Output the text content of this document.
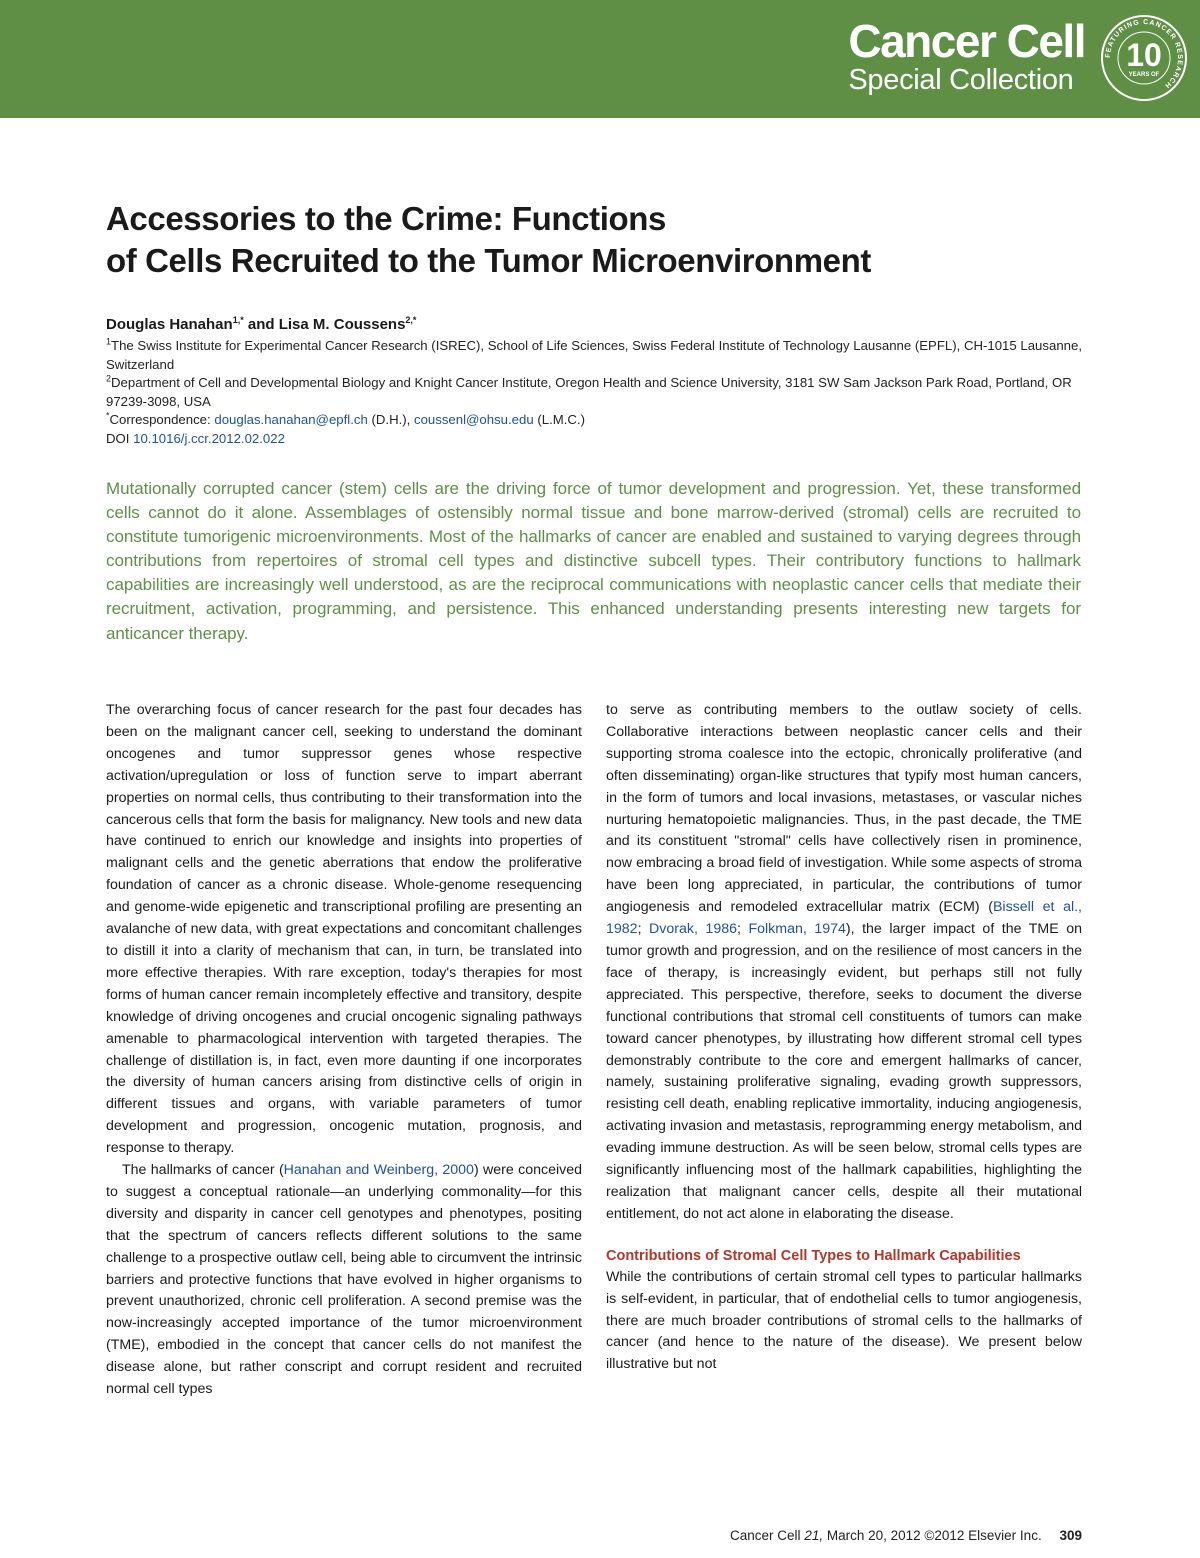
Cancer Cell
Special Collection
FEATURING CANCER RESEARCH
10
YEARS OF
Accessories to the Crime: Functions
of Cells Recruited to the Tumor Microenvironment
Douglas Hanahan$^{1,*}$ and Lisa M. Coussens$^{2,*}$

$^1$The Swiss Institute for Experimental Cancer Research (ISREC), School of Life Sciences, Swiss Federal Institute of Technology Lausanne (EPFL), CH-1015 Lausanne, Switzerland

$^2$Department of Cell and Developmental Biology and Knight Cancer Institute, Oregon Health and Science University, 3181 SW Sam Jackson Park Road, Portland, OR 97239-3098, USA

*Correspondence: douglas.hanahan@epfl.ch (D.H.), coussenl@ohsu.edu (L.M.C.)

DOI 10.1016/j.ccr.2012.02.022

Mutationally corrupted cancer (stem) cells are the driving force of tumor development and progression. Yet, these transformed cells cannot do it alone. Assemblages of ostensibly normal tissue and bone marrow-derived (stromal) cells are recruited to constitute tumorigenic microenvironments. Most of the hallmarks of cancer are enabled and sustained to varying degrees through contributions from repertoires of stromal cell types and distinctive subcell types. Their contributory functions to hallmark capabilities are increasingly well understood, as are the reciprocal communications with neoplastic cancer cells that mediate their recruitment, activation, programming, and persistence. This enhanced understanding presents interesting new targets for anticancer therapy.

The overarching focus of cancer research for the past four decades has been on the malignant cancer cell, seeking to understand the dominant oncogenes and tumor suppressor genes whose respective activation/upregulation or loss of function serve to impart aberrant properties on normal cells, thus contributing to their transformation into the cancerous cells that form the basis for malignancy. New tools and new data have continued to enrich our knowledge and insights into properties of malignant cells and the genetic aberrations that endow the proliferative foundation of cancer as a chronic disease. Whole-genome resequencing and genome-wide epigenetic and transcriptional profiling are presenting an avalanche of new data, with great expectations and concomitant challenges to distill it into a clarity of mechanism that can, in turn, be translated into more effective therapies. With rare exception, today's therapies for most forms of human cancer remain incompletely effective and transitory, despite knowledge of driving oncogenes and crucial oncogenic signaling pathways amenable to pharmacological intervention with targeted therapies. The challenge of distillation is, in fact, even more daunting if one incorporates the diversity of human cancers arising from distinctive cells of origin in different tissues and organs, with variable parameters of tumor development and progression, oncogenic mutation, prognosis, and response to therapy.

The hallmarks of cancer (Hanahan and Weinberg, 2000) were conceived to suggest a conceptual rationale—an underlying commonality—for this diversity and disparity in cancer cell genotypes and phenotypes, positing that the spectrum of cancers reflects different solutions to the same challenge to a prospective outlaw cell, being able to circumvent the intrinsic barriers and protective functions that have evolved in higher organisms to prevent unauthorized, chronic cell proliferation. A second premise was the now-increasingly accepted importance of the tumor microenvironment (TME), embodied in the concept that cancer cells do not manifest the disease alone, but rather conscript and corrupt resident and recruited normal cell types

to serve as contributing members to the outlaw society of cells. Collaborative interactions between neoplastic cancer cells and their supporting stroma coalesce into the ectopic, chronically proliferative (and often disseminating) organ-like structures that typify most human cancers, in the form of tumors and local invasions, metastases, or vascular niches nurturing hematopoietic malignancies. Thus, in the past decade, the TME and its constituent "stromal" cells have collectively risen in prominence, now embracing a broad field of investigation. While some aspects of stroma have been long appreciated, in particular, the contributions of tumor angiogenesis and remodeled extracellular matrix (ECM) (Bissell et al., 1982; Dvorak, 1986; Folkman, 1974), the larger impact of the TME on tumor growth and progression, and on the resilience of most cancers in the face of therapy, is increasingly evident, but perhaps still not fully appreciated. This perspective, therefore, seeks to document the diverse functional contributions that stromal cell constituents of tumors can make toward cancer phenotypes, by illustrating how different stromal cell types demonstrably contribute to the core and emergent hallmarks of cancer, namely, sustaining proliferative signaling, evading growth suppressors, resisting cell death, enabling replicative immortality, inducing angiogenesis, activating invasion and metastasis, reprogramming energy metabolism, and evading immune destruction. As will be seen below, stromal cells types are significantly influencing most of the hallmark capabilities, highlighting the realization that malignant cancer cells, despite all their mutational entitlement, do not act alone in elaborating the disease.

Contributions of Stromal Cell Types to Hallmark Capabilities

While the contributions of certain stromal cell types to particular hallmarks is self-evident, in particular, that of endothelial cells to tumor angiogenesis, there are much broader contributions of stromal cells to the hallmarks of cancer (and hence to the nature of the disease). We present below illustrative but not

Cancer Cell 21, March 20, 2012 ©2012 Elsevier Inc. 309
